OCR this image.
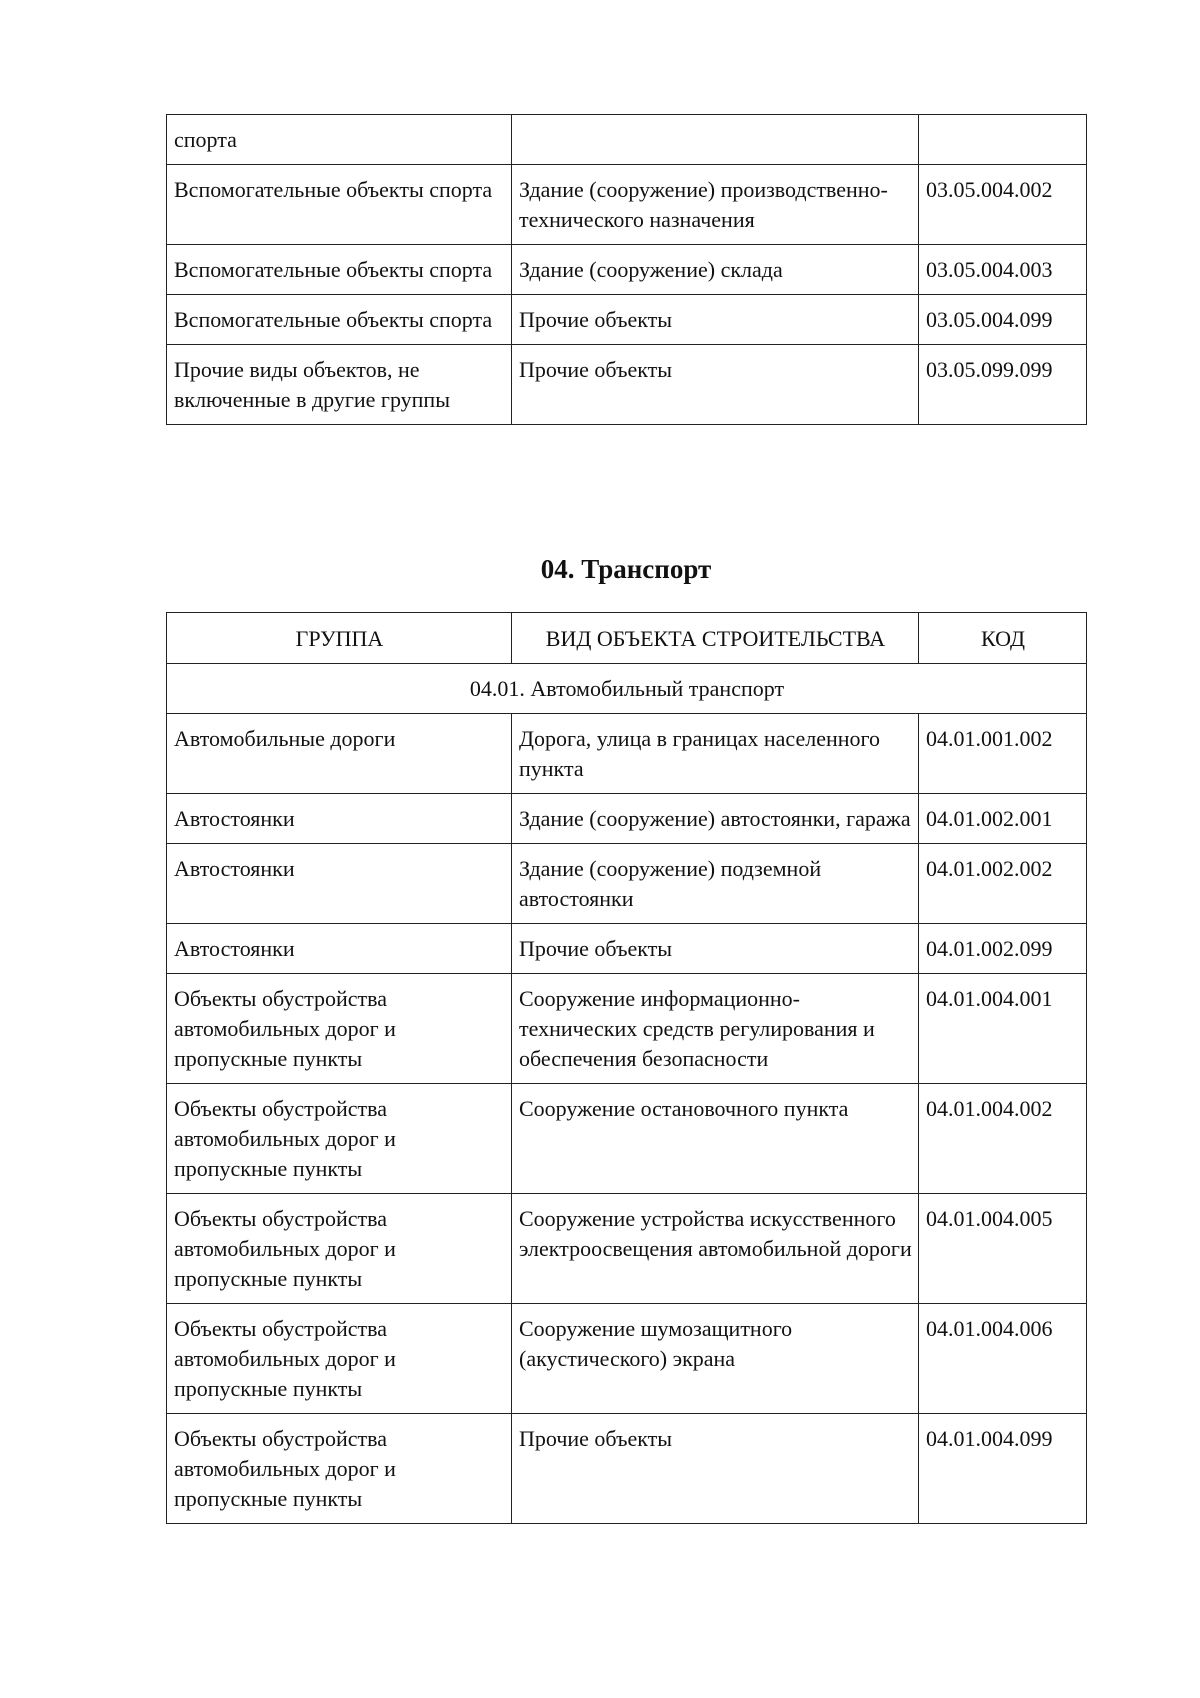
спорта		
Вспомогательные объекты спорта	Здание (сооружение) производственно-технического назначения	03.05.004.002
Вспомогательные объекты спорта	Здание (сооружение) склада	03.05.004.003
Вспомогательные объекты спорта	Прочие объекты	03.05.004.099
Прочие виды объектов, не включенные в другие группы	Прочие объекты	03.05.099.099
04. Транспорт
ГРУППА	ВИД ОБЪЕКТА СТРОИТЕЛЬСТВА	КОД
04.01. Автомобильный транспорт		
Автомобильные дороги	Дорога, улица в границах населенного пункта	04.01.001.002
Автостоянки	Здание (сооружение) автостоянки, гаража	04.01.002.001
Автостоянки	Здание (сооружение) подземной автостоянки	04.01.002.002
Автостоянки	Прочие объекты	04.01.002.099
Объекты обустройства автомобильных дорог и пропускные пункты	Сооружение информационно-технических средств регулирования и обеспечения безопасности	04.01.004.001
Объекты обустройства автомобильных дорог и пропускные пункты	Сооружение остановочного пункта	04.01.004.002
Объекты обустройства автомобильных дорог и пропускные пункты	Сооружение устройства искусственного электроосвещения автомобильной дороги	04.01.004.005
Объекты обустройства автомобильных дорог и пропускные пункты	Сооружение шумозащитного (акустического) экрана	04.01.004.006
Объекты обустройства автомобильных дорог и пропускные пункты	Прочие объекты	04.01.004.099
